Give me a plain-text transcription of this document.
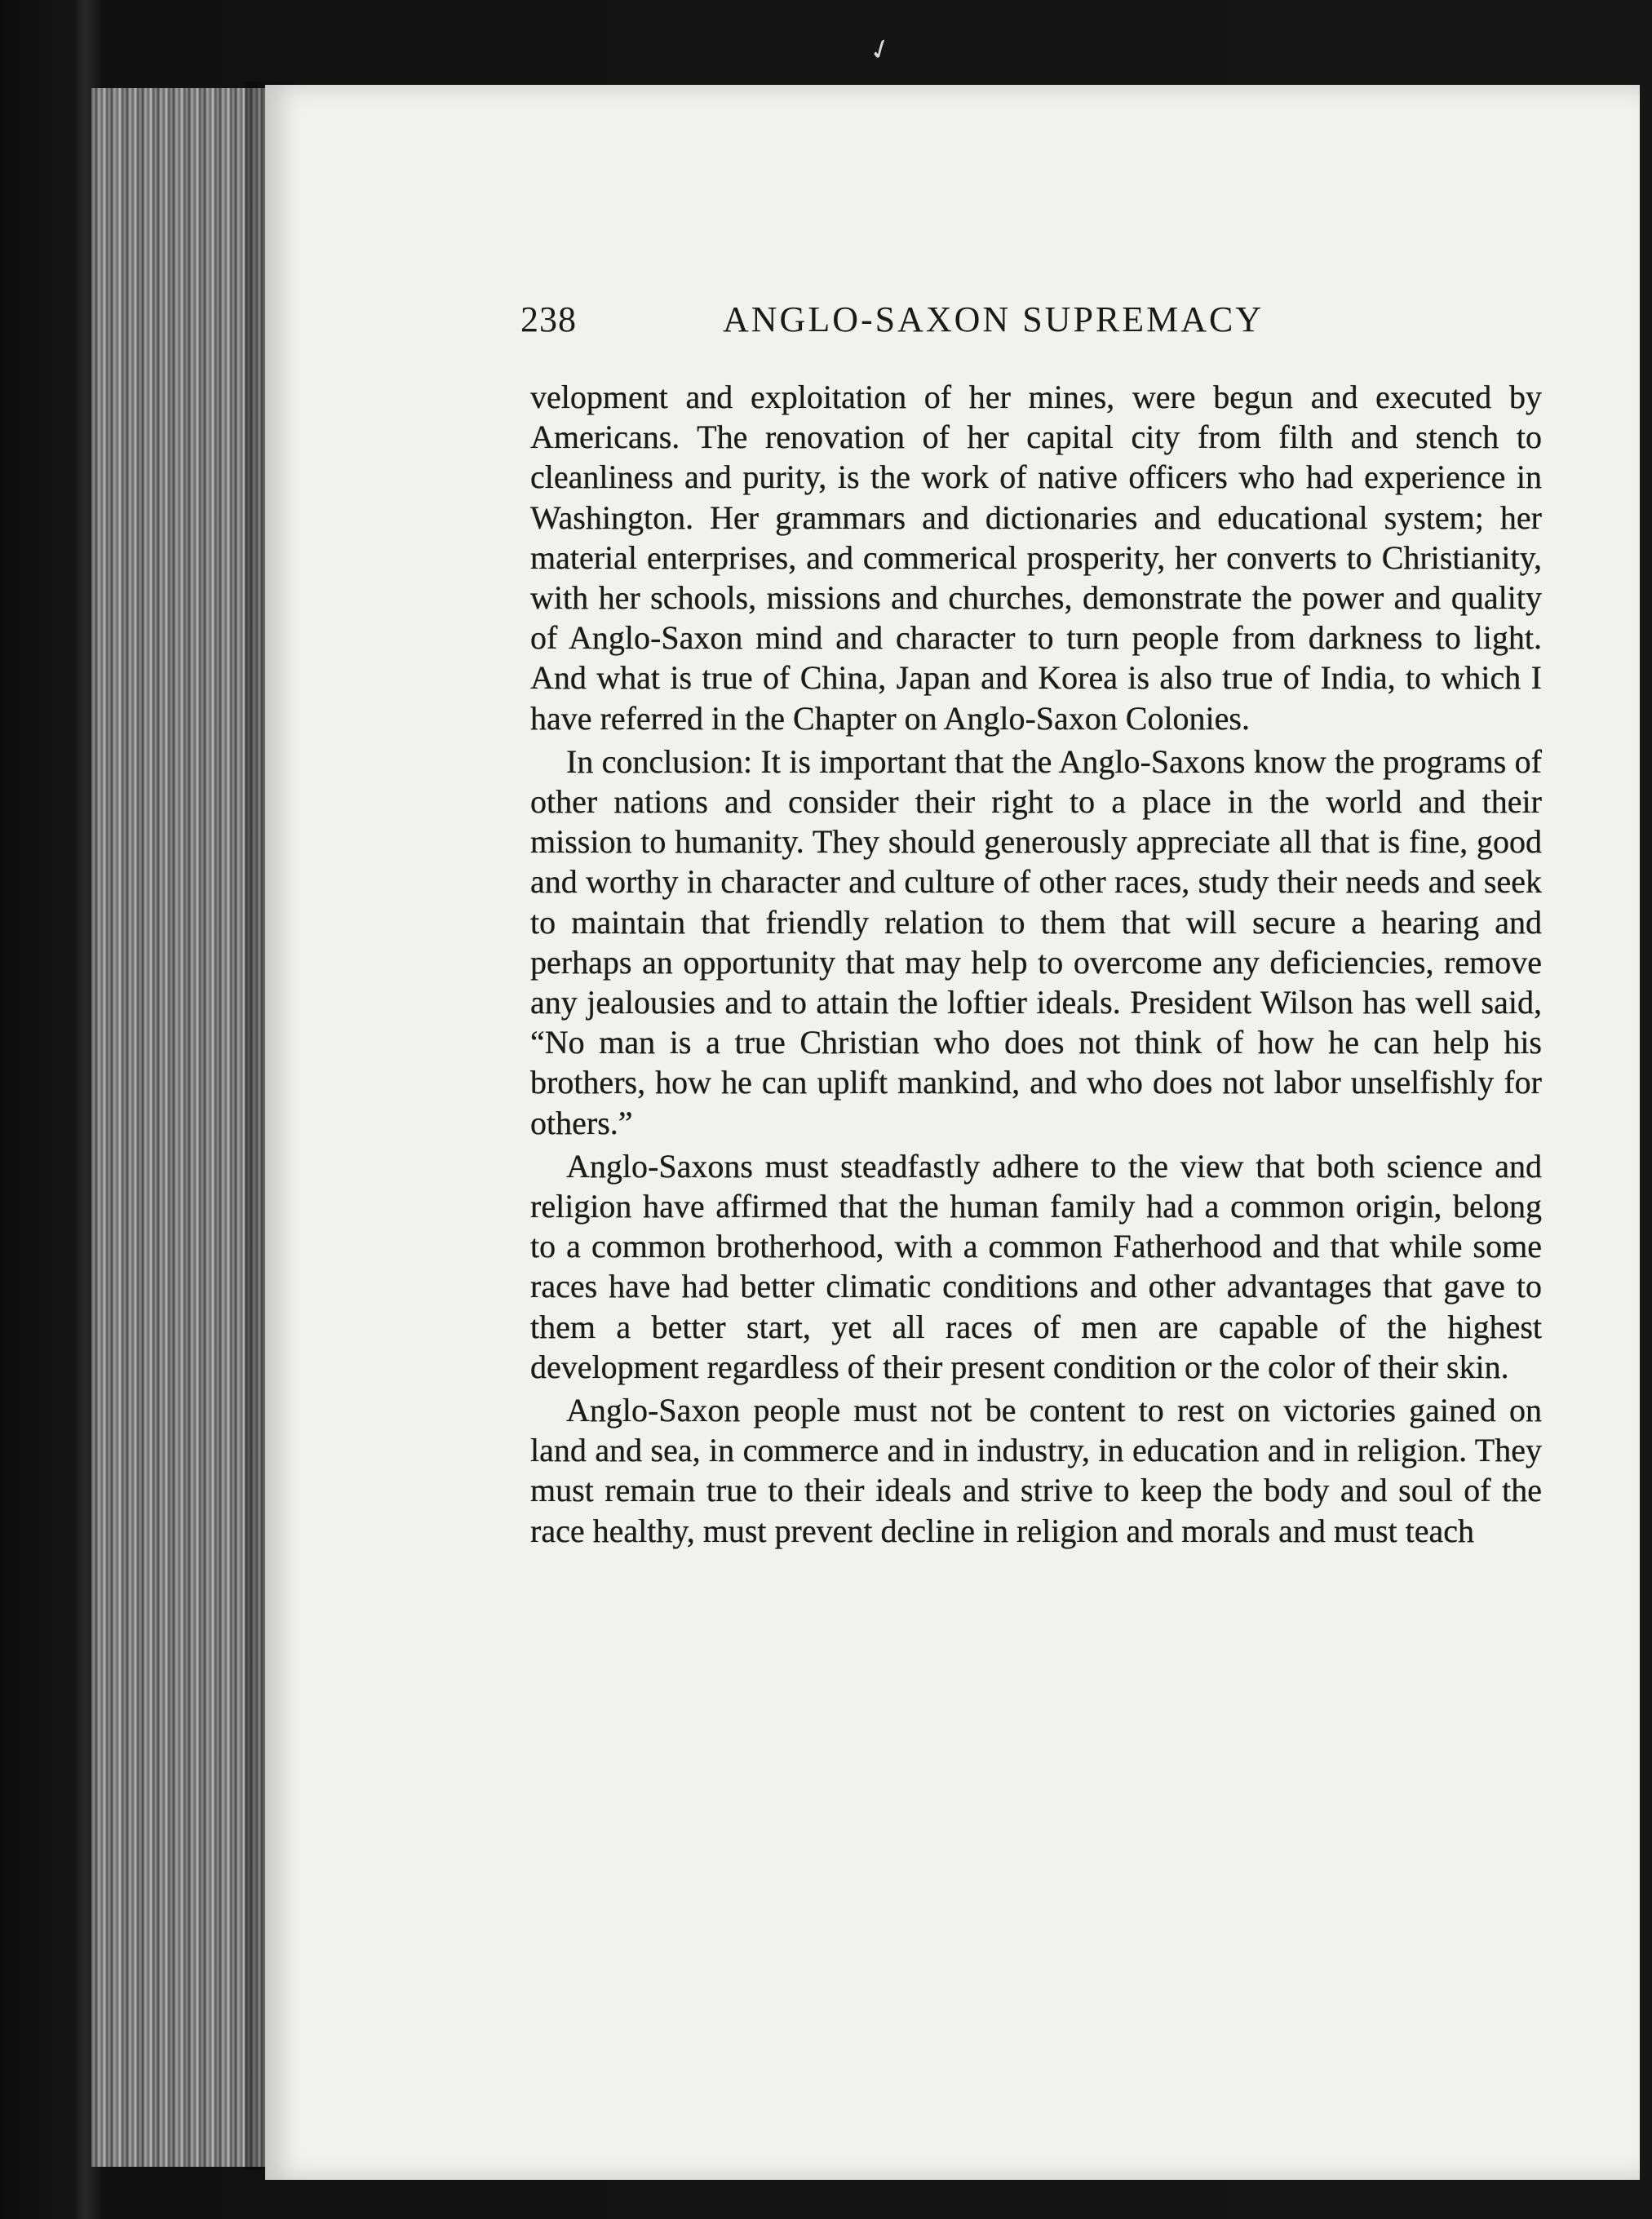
✓
238	ANGLO-SAXON SUPREMACY

velopment and exploitation of her mines, were begun and executed by Americans. The renovation of her capital city from filth and stench to cleanliness and purity, is the work of native officers who had experience in Washington. Her grammars and dictionaries and educational system; her material enterprises, and commerical prosperity, her converts to Christianity, with her schools, missions and churches, demonstrate the power and quality of Anglo-Saxon mind and character to turn people from darkness to light. And what is true of China, Japan and Korea is also true of India, to which I have referred in the Chapter on Anglo-Saxon Colonies.

In conclusion: It is important that the Anglo-Saxons know the programs of other nations and consider their right to a place in the world and their mission to humanity. They should generously appreciate all that is fine, good and worthy in character and culture of other races, study their needs and seek to maintain that friendly relation to them that will secure a hearing and perhaps an opportunity that may help to overcome any deficiencies, remove any jealousies and to attain the loftier ideals. President Wilson has well said, “No man is a true Christian who does not think of how he can help his brothers, how he can uplift mankind, and who does not labor unselfishly for others.”

Anglo-Saxons must steadfastly adhere to the view that both science and religion have affirmed that the human family had a common origin, belong to a common brotherhood, with a common Fatherhood and that while some races have had better climatic conditions and other advantages that gave to them a better start, yet all races of men are capable of the highest development regardless of their present condition or the color of their skin.

Anglo-Saxon people must not be content to rest on victories gained on land and sea, in commerce and in industry, in education and in religion. They must remain true to their ideals and strive to keep the body and soul of the race healthy, must prevent decline in religion and morals and must teach
